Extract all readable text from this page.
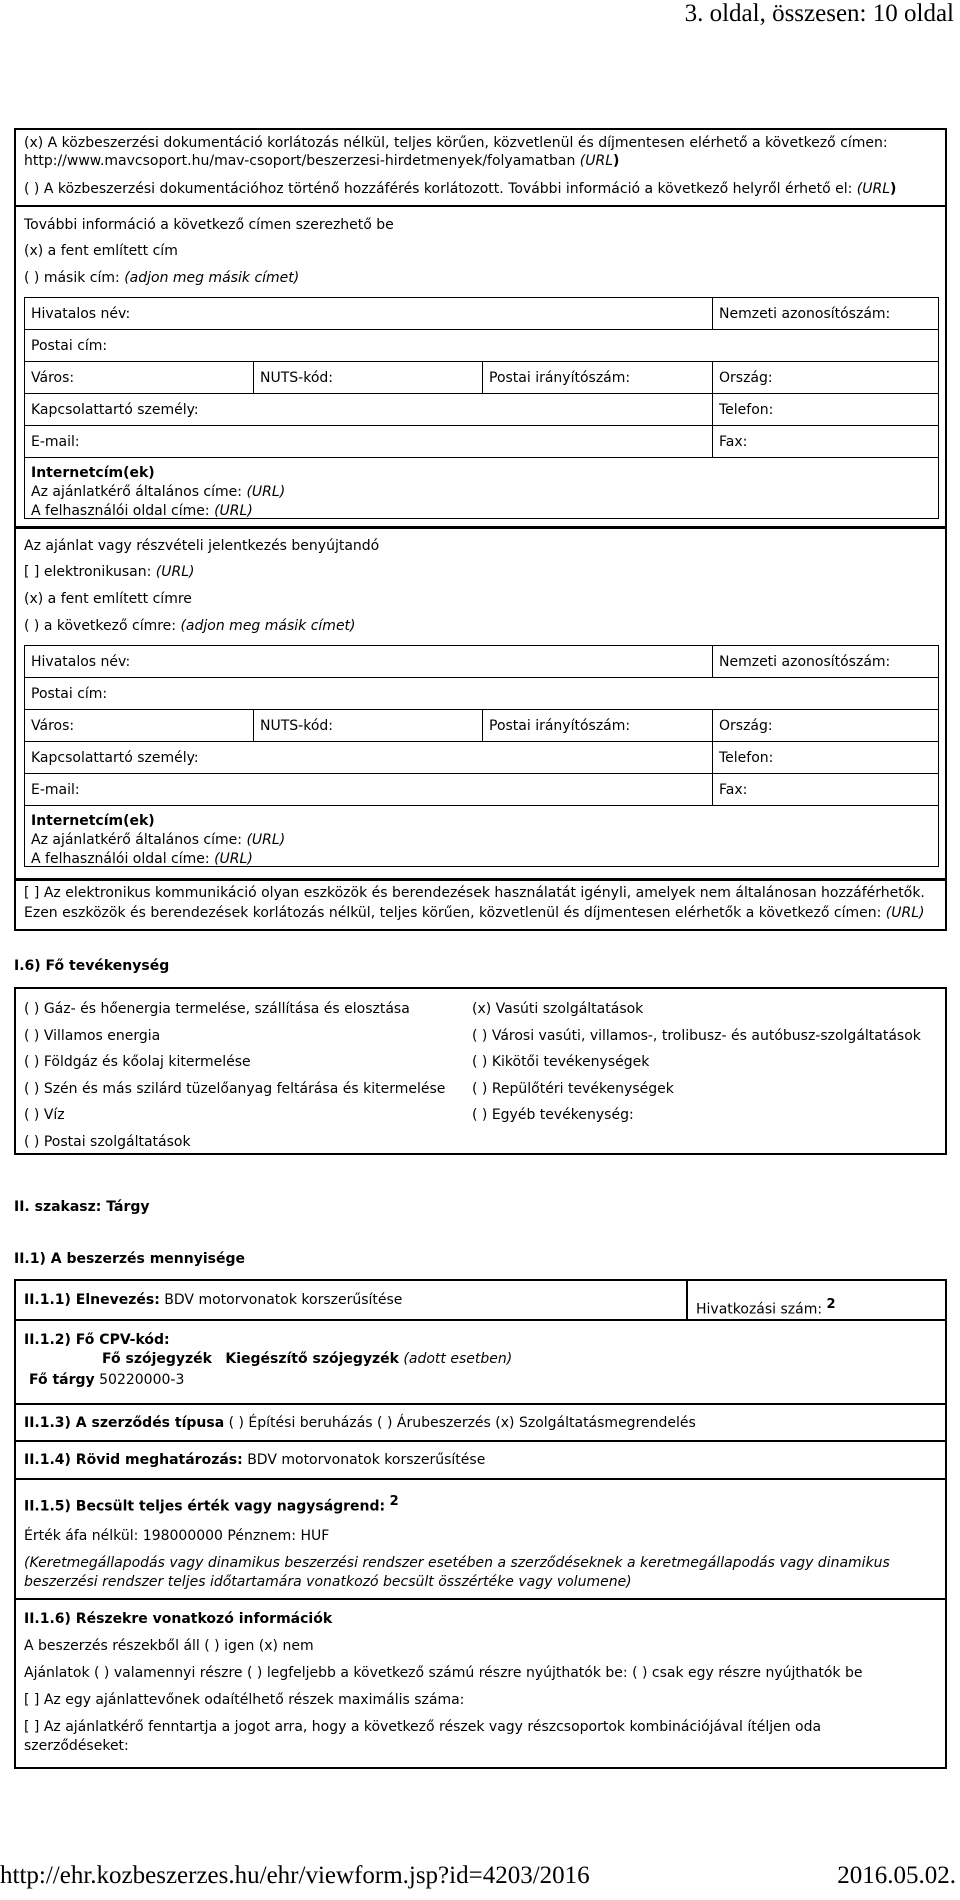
3. oldal, összesen: 10 oldal
(x) A közbeszerzési dokumentáció korlátozás nélkül, teljes körűen, közvetlenül és díjmentesen elérhető a következő címen:
http://www.mavcsoport.hu/mav-csoport/beszerzesi-hirdetmenyek/folyamatban (URL)
( ) A közbeszerzési dokumentációhoz történő hozzáférés korlátozott. További információ a következő helyről érhető el: (URL)
További információ a következő címen szerezhető be
(x) a fent említett cím
( ) másik cím: (adjon meg másik címet)
Hivatalos név:	Nemzeti azonosítószám:
Postai cím:
Város:	NUTS-kód:	Postai irányítószám:	Ország:
Kapcsolattartó személy:	Telefon:
E-mail:	Fax:
Internetcím(ek)
Az ajánlatkérő általános címe: (URL)
A felhasználói oldal címe: (URL)
Az ajánlat vagy részvételi jelentkezés benyújtandó
[ ] elektronikusan: (URL)
(x) a fent említett címre
( ) a következő címre: (adjon meg másik címet)
Hivatalos név:	Nemzeti azonosítószám:
Postai cím:
Város:	NUTS-kód:	Postai irányítószám:	Ország:
Kapcsolattartó személy:	Telefon:
E-mail:	Fax:
Internetcím(ek)
Az ajánlatkérő általános címe: (URL)
A felhasználói oldal címe: (URL)
[ ] Az elektronikus kommunikáció olyan eszközök és berendezések használatát igényli, amelyek nem általánosan hozzáférhetők.
Ezen eszközök és berendezések korlátozás nélkül, teljes körűen, közvetlenül és díjmentesen elérhetők a következő címen: (URL)
I.6) Fő tevékenység
( ) Gáz- és hőenergia termelése, szállítása és elosztása
( ) Villamos energia
( ) Földgáz és kőolaj kitermelése
( ) Szén és más szilárd tüzelőanyag feltárása és kitermelése
( ) Víz
( ) Postai szolgáltatások
(x) Vasúti szolgáltatások
( ) Városi vasúti, villamos-, trolibusz- és autóbusz-szolgáltatások
( ) Kikötői tevékenységek
( ) Repülőtéri tevékenységek
( ) Egyéb tevékenység:
II. szakasz: Tárgy
II.1) A beszerzés mennyisége
II.1.1) Elnevezés: BDV motorvonatok korszerűsítése
Hivatkozási szám: $^2$
II.1.2) Fő CPV-kód:
Fő szójegyzék Kiegészítő szójegyzék (adott esetben)
Fő tárgy 50220000-3
II.1.3) A szerződés típusa ( ) Építési beruházás ( ) Árubeszerzés (x) Szolgáltatásmegrendelés
II.1.4) Rövid meghatározás: BDV motorvonatok korszerűsítése
II.1.5) Becsült teljes érték vagy nagyságrend: $^2$
Érték áfa nélkül: 198000000 Pénznem: HUF
(Keretmegállapodás vagy dinamikus beszerzési rendszer esetében a szerződéseknek a keretmegállapodás vagy dinamikus
beszerzési rendszer teljes időtartamára vonatkozó becsült összértéke vagy volumene)
II.1.6) Részekre vonatkozó információk
A beszerzés részekből áll ( ) igen (x) nem
Ajánlatok ( ) valamennyi részre ( ) legfeljebb a következő számú részre nyújthatók be: ( ) csak egy részre nyújthatók be
[ ] Az egy ajánlattevőnek odaítélhető részek maximális száma:
[ ] Az ajánlatkérő fenntartja a jogot arra, hogy a következő részek vagy részcsoportok kombinációjával ítéljen oda
szerződéseket:
http://ehr.kozbeszerzes.hu/ehr/viewform.jsp?id=4203/2016	2016.05.02.
